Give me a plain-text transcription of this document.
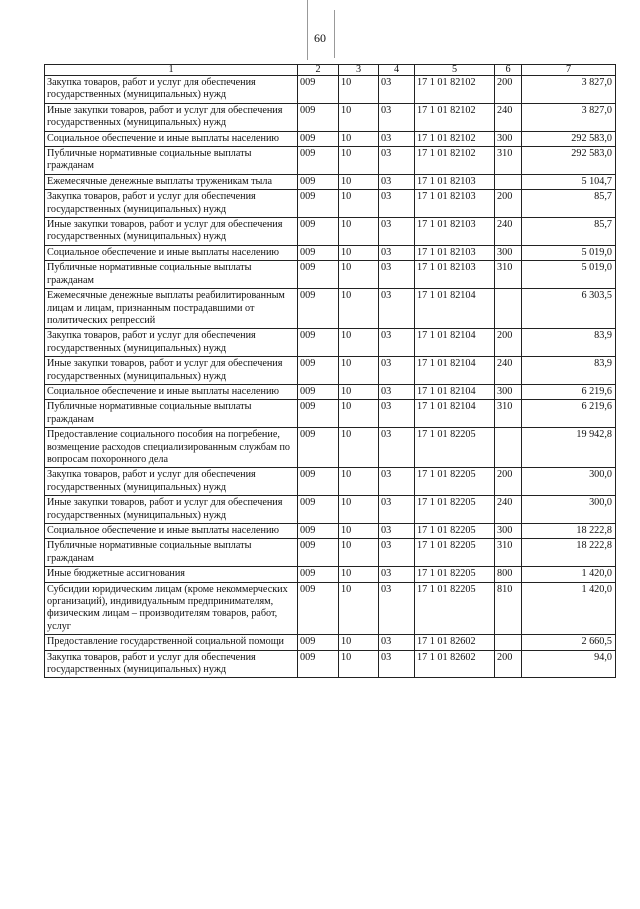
60
1	2	3	4	5	6	7
Закупка товаров, работ и услуг для обеспечения государственных (муниципальных) нужд	009	10	03	17 1 01 82102	200	3 827,0
Иные закупки товаров, работ и услуг для обеспечения государственных (муниципальных) нужд	009	10	03	17 1 01 82102	240	3 827,0
Социальное обеспечение и иные выплаты населению	009	10	03	17 1 01 82102	300	292 583,0
Публичные нормативные социальные выплаты гражданам	009	10	03	17 1 01 82102	310	292 583,0
Ежемесячные денежные выплаты труженикам тыла	009	10	03	17 1 01 82103		5 104,7
Закупка товаров, работ и услуг для обеспечения государственных (муниципальных) нужд	009	10	03	17 1 01 82103	200	85,7
Иные закупки товаров, работ и услуг для обеспечения государственных (муниципальных) нужд	009	10	03	17 1 01 82103	240	85,7
Социальное обеспечение и иные выплаты населению	009	10	03	17 1 01 82103	300	5 019,0
Публичные нормативные социальные выплаты гражданам	009	10	03	17 1 01 82103	310	5 019,0
Ежемесячные денежные выплаты реабилитированным лицам и лицам, признанным пострадавшими от политических репрессий	009	10	03	17 1 01 82104		6 303,5
Закупка товаров, работ и услуг для обеспечения государственных (муниципальных) нужд	009	10	03	17 1 01 82104	200	83,9
Иные закупки товаров, работ и услуг для обеспечения государственных (муниципальных) нужд	009	10	03	17 1 01 82104	240	83,9
Социальное обеспечение и иные выплаты населению	009	10	03	17 1 01 82104	300	6 219,6
Публичные нормативные социальные выплаты гражданам	009	10	03	17 1 01 82104	310	6 219,6
Предоставление социального пособия на погребение, возмещение расходов специализированным службам по вопросам похоронного дела	009	10	03	17 1 01 82205		19 942,8
Закупка товаров, работ и услуг для обеспечения государственных (муниципальных) нужд	009	10	03	17 1 01 82205	200	300,0
Иные закупки товаров, работ и услуг для обеспечения государственных (муниципальных) нужд	009	10	03	17 1 01 82205	240	300,0
Социальное обеспечение и иные выплаты населению	009	10	03	17 1 01 82205	300	18 222,8
Публичные нормативные социальные выплаты гражданам	009	10	03	17 1 01 82205	310	18 222,8
Иные бюджетные ассигнования	009	10	03	17 1 01 82205	800	1 420,0
Субсидии юридическим лицам (кроме некоммерческих организаций), индивидуальным предпринимателям, физическим лицам – производителям товаров, работ, услуг	009	10	03	17 1 01 82205	810	1 420,0
Предоставление государственной социальной помощи	009	10	03	17 1 01 82602		2 660,5
Закупка товаров, работ и услуг для обеспечения государственных (муниципальных) нужд	009	10	03	17 1 01 82602	200	94,0
